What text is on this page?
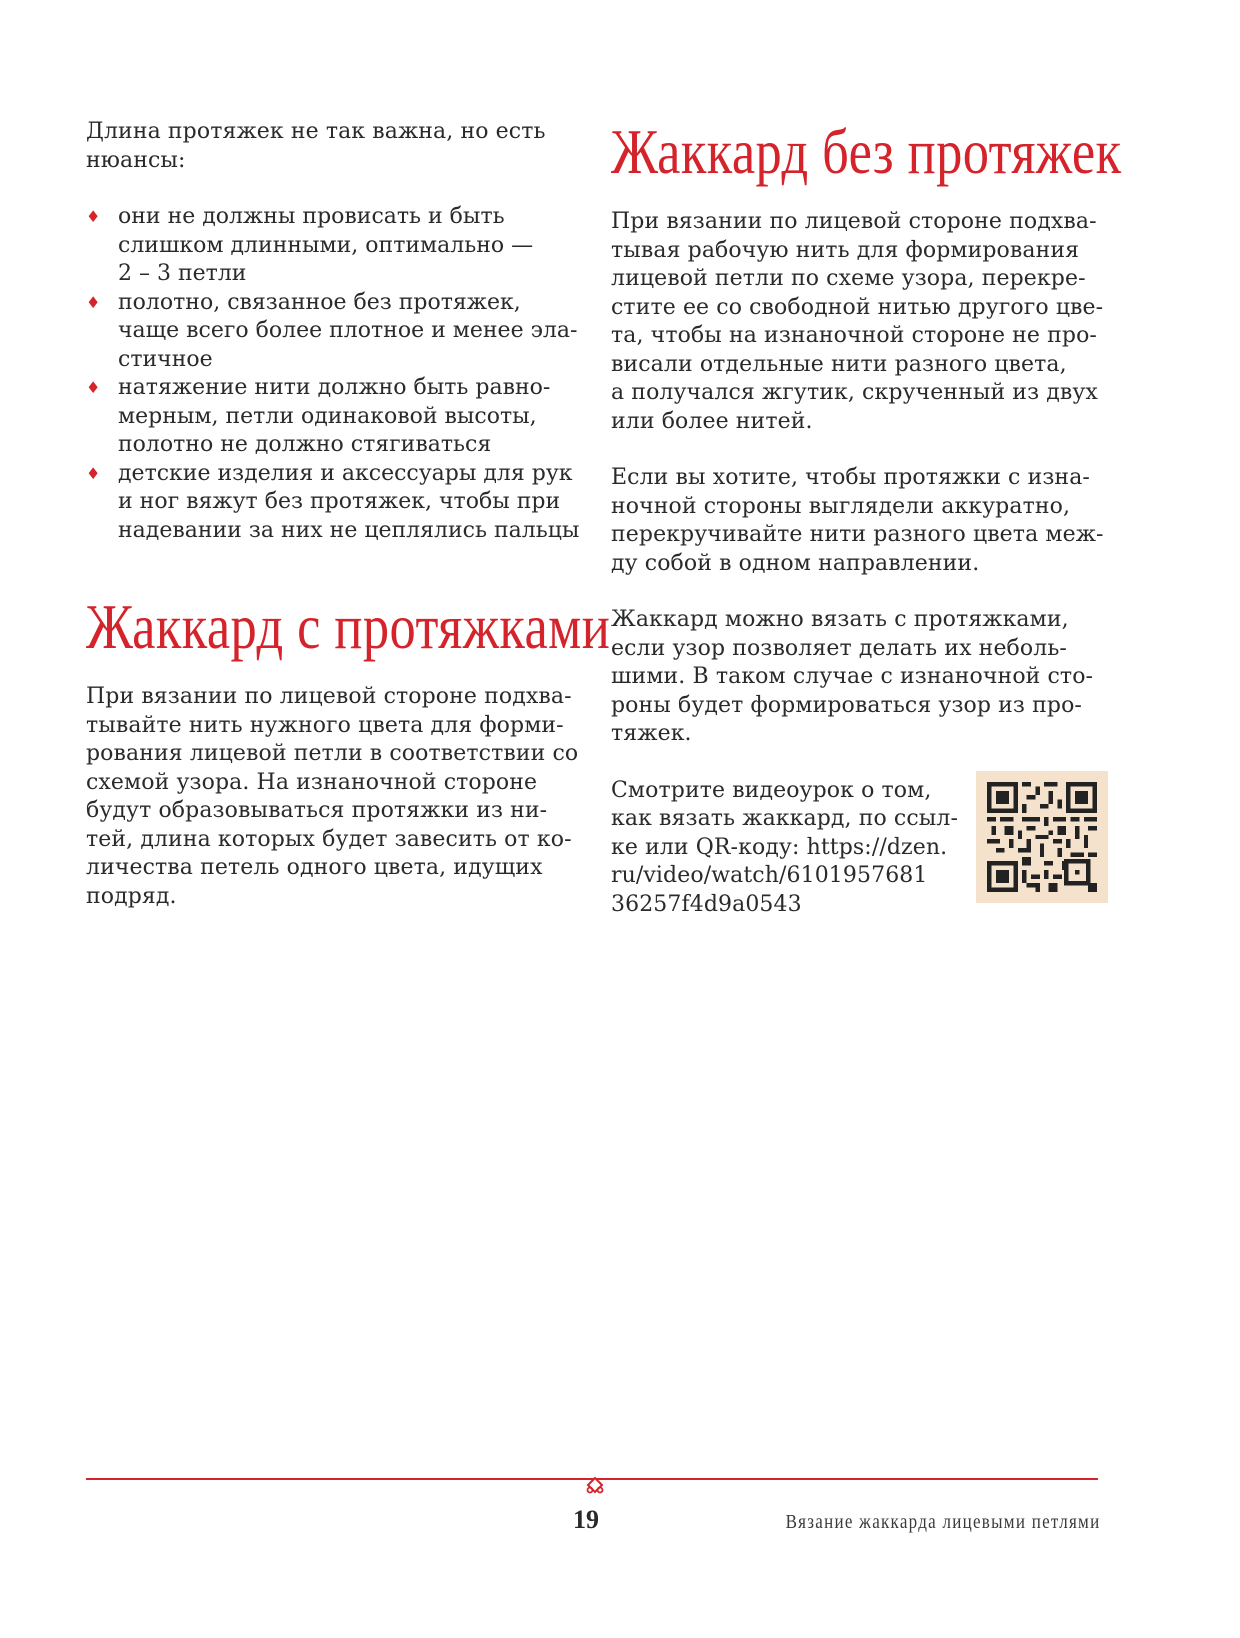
Длина протяжек не так важна, но есть
нюансы:

♦ они не должны провисать и быть
слишком длинными, оптимально —
2 – 3 петли
♦ полотно, связанное без протяжек,
чаще всего более плотное и менее эла-
стичное
♦ натяжение нити должно быть равно-
мерным, петли одинаковой высоты,
полотно не должно стягиваться
♦ детские изделия и аксессуары для рук
и ног вяжут без протяжек, чтобы при
надевании за них не цеплялись пальцы
Жаккард с протяжками

При вязании по лицевой стороне подхва-
тывайте нить нужного цвета для форми-
рования лицевой петли в соответствии со
схемой узора. На изнаночной стороне
будут образовываться протяжки из ни-
тей, длина которых будет завесить от ко-
личества петель одного цвета, идущих
подряд.

Жаккард без протяжек

При вязании по лицевой стороне подхва-
тывая рабочую нить для формирования
лицевой петли по схеме узора, перекре-
стите ее со свободной нитью другого цве-
та, чтобы на изнаночной стороне не про-
висали отдельные нити разного цвета,
а получался жгутик, скрученный из двух
или более нитей.

Если вы хотите, чтобы протяжки с изна-
ночной стороны выглядели аккуратно,
перекручивайте нити разного цвета меж-
ду собой в одном направлении.

Жаккард можно вязать с протяжками,
если узор позволяет делать их неболь-
шими. В таком случае с изнаночной сто-
роны будет формироваться узор из про-
тяжек.

Смотрите видеоурок о том,
как вязать жаккард, по ссыл-
ке или QR-коду: https://dzen.
ru/video/watch/6101957681
36257f4d9a0543

19	Вязание жаккарда лицевыми петлями
